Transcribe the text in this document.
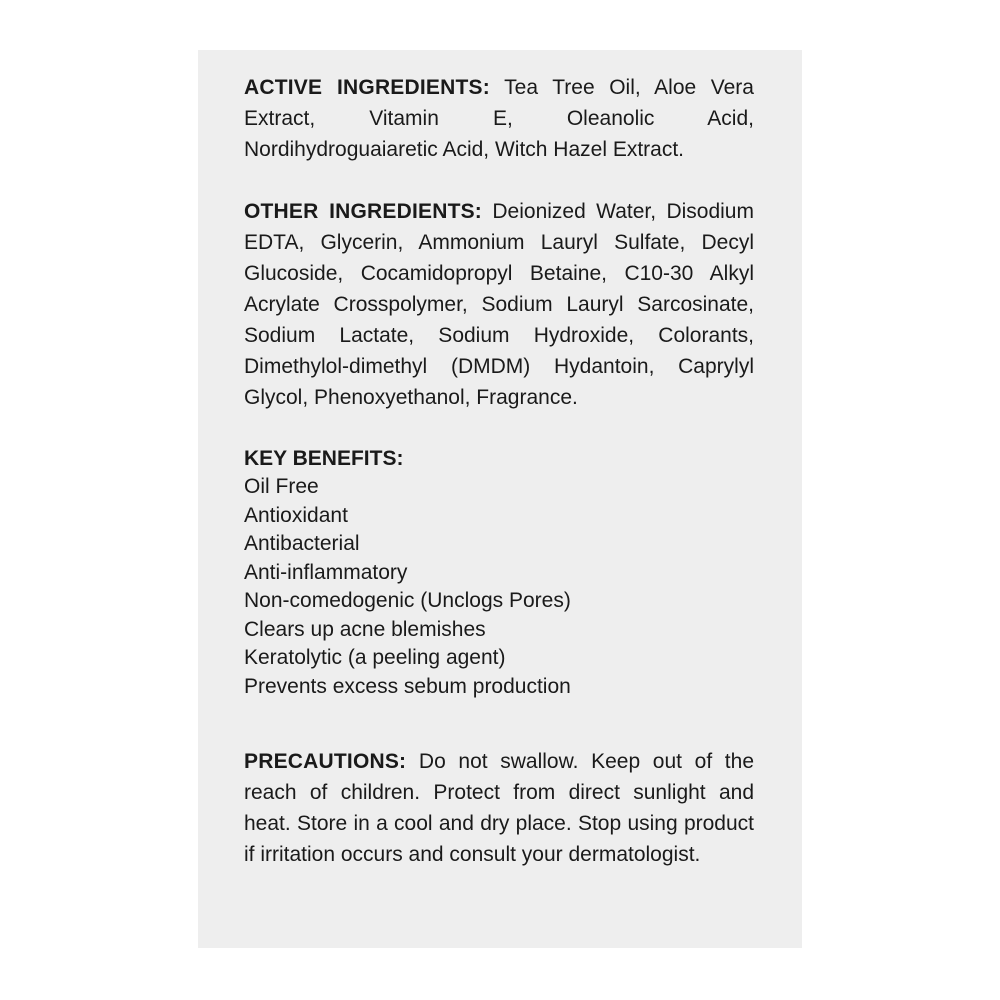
ACTIVE INGREDIENTS: Tea Tree Oil, Aloe Vera Extract, Vitamin E, Oleanolic Acid, Nordihydroguaiaretic Acid, Witch Hazel Extract.

OTHER INGREDIENTS: Deionized Water, Disodium EDTA, Glycerin, Ammonium Lauryl Sulfate, Decyl Glucoside, Cocamidopropyl Betaine, C10-30 Alkyl Acrylate Crosspolymer, Sodium Lauryl Sarcosinate, Sodium Lactate, Sodium Hydroxide, Colorants, Dimethylol-dimethyl (DMDM) Hydantoin, Caprylyl Glycol, Phenoxyethanol, Fragrance.

KEY BENEFITS:

Oil Free
Antioxidant
Antibacterial
Anti-inflammatory
Non-comedogenic (Unclogs Pores)
Clears up acne blemishes
Keratolytic (a peeling agent)
Prevents excess sebum production

PRECAUTIONS: Do not swallow. Keep out of the reach of children. Protect from direct sunlight and heat. Store in a cool and dry place. Stop using product if irritation occurs and consult your dermatologist.
